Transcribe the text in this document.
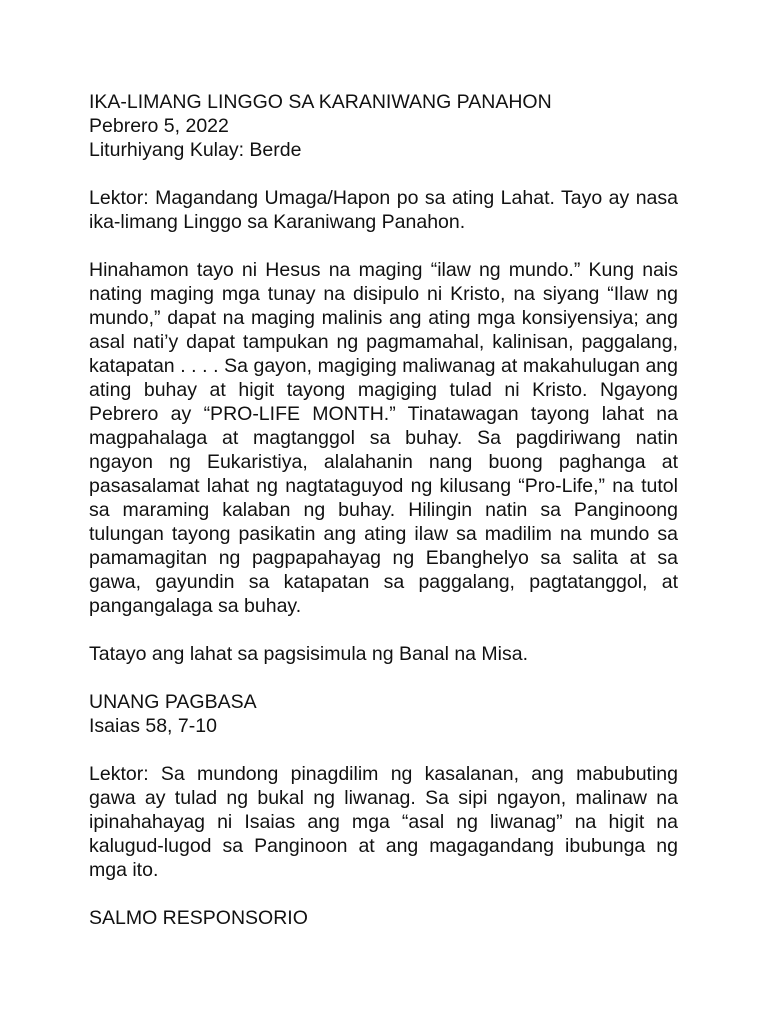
IKA-LIMANG LINGGO SA KARANIWANG PANAHON

Pebrero 5, 2022

Liturhiyang Kulay: Berde

Lektor: Magandang Umaga/Hapon po sa ating Lahat. Tayo ay nasa ika-limang Linggo sa Karaniwang Panahon.

Hinahamon tayo ni Hesus na maging “ilaw ng mundo.” Kung nais nating maging mga tunay na disipulo ni Kristo, na siyang “Ilaw ng mundo,” dapat na maging malinis ang ating mga konsiyensiya; ang asal nati’y dapat tampukan ng pagmamahal, kalinisan, paggalang, katapatan . . . . Sa gayon, magiging maliwanag at makahulugan ang ating buhay at higit tayong magiging tulad ni Kristo. Ngayong Pebrero ay “PRO-LIFE MONTH.” Tinatawagan tayong lahat na magpahalaga at magtanggol sa buhay. Sa pagdiriwang natin ngayon ng Eukaristiya, alalahanin nang buong paghanga at pasasalamat lahat ng nagtataguyod ng kilusang “Pro-Life,” na tutol sa maraming kalaban ng buhay. Hilingin natin sa Panginoong tulungan tayong pasikatin ang ating ilaw sa madilim na mundo sa pamamagitan ng pagpapahayag ng Ebanghelyo sa salita at sa gawa, gayundin sa katapatan sa paggalang, pagtatanggol, at pangangalaga sa buhay.

Tatayo ang lahat sa pagsisimula ng Banal na Misa.

UNANG PAGBASA

Isaias 58, 7-10

Lektor: Sa mundong pinagdilim ng kasalanan, ang mabubuting gawa ay tulad ng bukal ng liwanag. Sa sipi ngayon, malinaw na ipinahahayag ni Isaias ang mga “asal ng liwanag” na higit na kalugud-lugod sa Panginoon at ang magagandang ibubunga ng mga ito.

SALMO RESPONSORIO
